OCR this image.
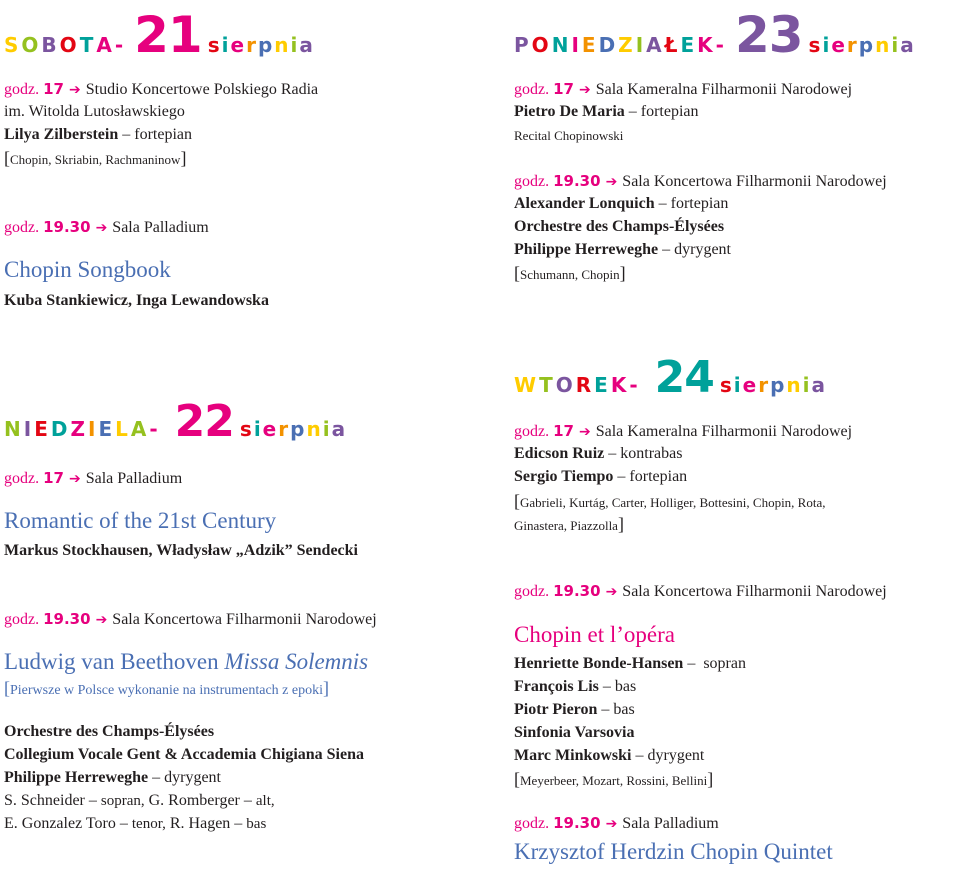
SOBOTA- 21 sierpnia
godz. 17 ➔ Studio Koncertowe Polskiego Radia
im. Witolda Lutosławskiego
Lilya Zilberstein – fortepian
[Chopin, Skriabin, Rachmaninow]
godz. 19.30 ➔ Sala Palladium
Chopin Songbook
Kuba Stankiewicz, Inga Lewandowska
NIEDZIELA- 22 sierpnia
godz. 17 ➔ Sala Palladium
Romantic of the 21st Century
Markus Stockhausen, Władysław „Adzik” Sendecki
godz. 19.30 ➔ Sala Koncertowa Filharmonii Narodowej
Ludwig van Beethoven Missa Solemnis
[Pierwsze w Polsce wykonanie na instrumentach z epoki]
Orchestre des Champs-Élysées
Collegium Vocale Gent & Accademia Chigiana Siena
Philippe Herreweghe – dyrygent
S. Schneider – sopran, G. Romberger – alt,
E. Gonzalez Toro – tenor, R. Hagen – bas
PONIEDZIAŁEK- 23 sierpnia
godz. 17 ➔ Sala Kameralna Filharmonii Narodowej
Pietro De Maria – fortepian
Recital Chopinowski
godz. 19.30 ➔ Sala Koncertowa Filharmonii Narodowej
Alexander Lonquich – fortepian
Orchestre des Champs-Élysées
Philippe Herreweghe – dyrygent
[Schumann, Chopin]
WTOREK- 24 sierpnia
godz. 17 ➔ Sala Kameralna Filharmonii Narodowej
Edicson Ruiz – kontrabas
Sergio Tiempo – fortepian
[Gabrieli, Kurtág, Carter, Holliger, Bottesini, Chopin, Rota,
Ginastera, Piazzolla]
godz. 19.30 ➔ Sala Koncertowa Filharmonii Narodowej
Chopin et l’opéra
Henriette Bonde-Hansen –  sopran
François Lis – bas
Piotr Pieron – bas
Sinfonia Varsovia
Marc Minkowski – dyrygent
[Meyerbeer, Mozart, Rossini, Bellini]
godz. 19.30 ➔ Sala Palladium
Krzysztof Herdzin Chopin Quintet
